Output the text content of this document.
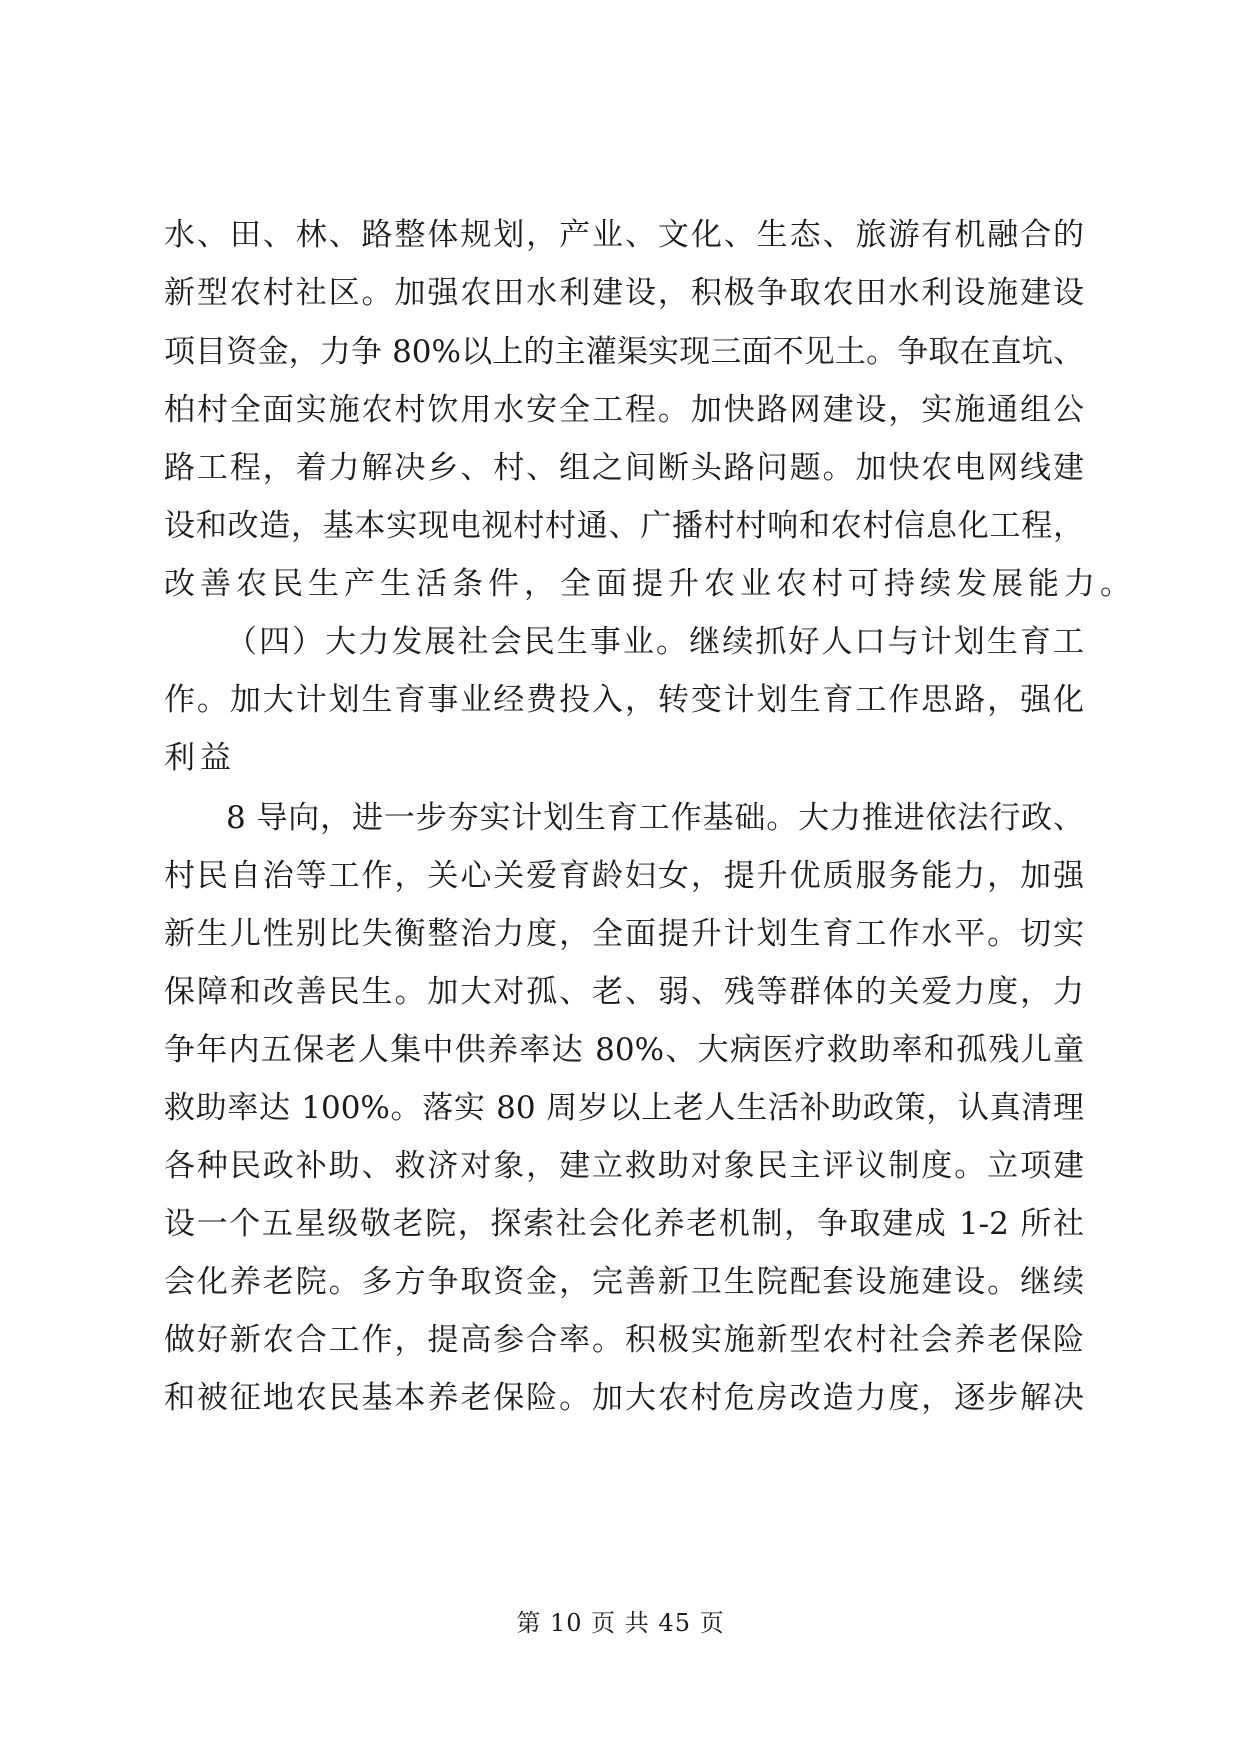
水、田、林、路整体规划，产业、文化、生态、旅游有机融合的
新型农村社区。加强农田水利建设，积极争取农田水利设施建设
项目资金，力争 80%以上的主灌渠实现三面不见土。争取在直坑、
柏村全面实施农村饮用水安全工程。加快路网建设，实施通组公
路工程，着力解决乡、村、组之间断头路问题。加快农电网线建
设和改造，基本实现电视村村通、广播村村响和农村信息化工程，
改善农民生产生活条件，全面提升农业农村可持续发展能力。
（四）大力发展社会民生事业。继续抓好人口与计划生育工
作。加大计划生育事业经费投入，转变计划生育工作思路，强化
利益
8 导向，进一步夯实计划生育工作基础。大力推进依法行政、
村民自治等工作，关心关爱育龄妇女，提升优质服务能力，加强
新生儿性别比失衡整治力度，全面提升计划生育工作水平。切实
保障和改善民生。加大对孤、老、弱、残等群体的关爱力度，力
争年内五保老人集中供养率达 80%、大病医疗救助率和孤残儿童
救助率达 100%。落实 80 周岁以上老人生活补助政策，认真清理
各种民政补助、救济对象，建立救助对象民主评议制度。立项建
设一个五星级敬老院，探索社会化养老机制，争取建成 1-2 所社
会化养老院。多方争取资金，完善新卫生院配套设施建设。继续
做好新农合工作，提高参合率。积极实施新型农村社会养老保险
和被征地农民基本养老保险。加大农村危房改造力度，逐步解决
第 10 页 共 45 页
